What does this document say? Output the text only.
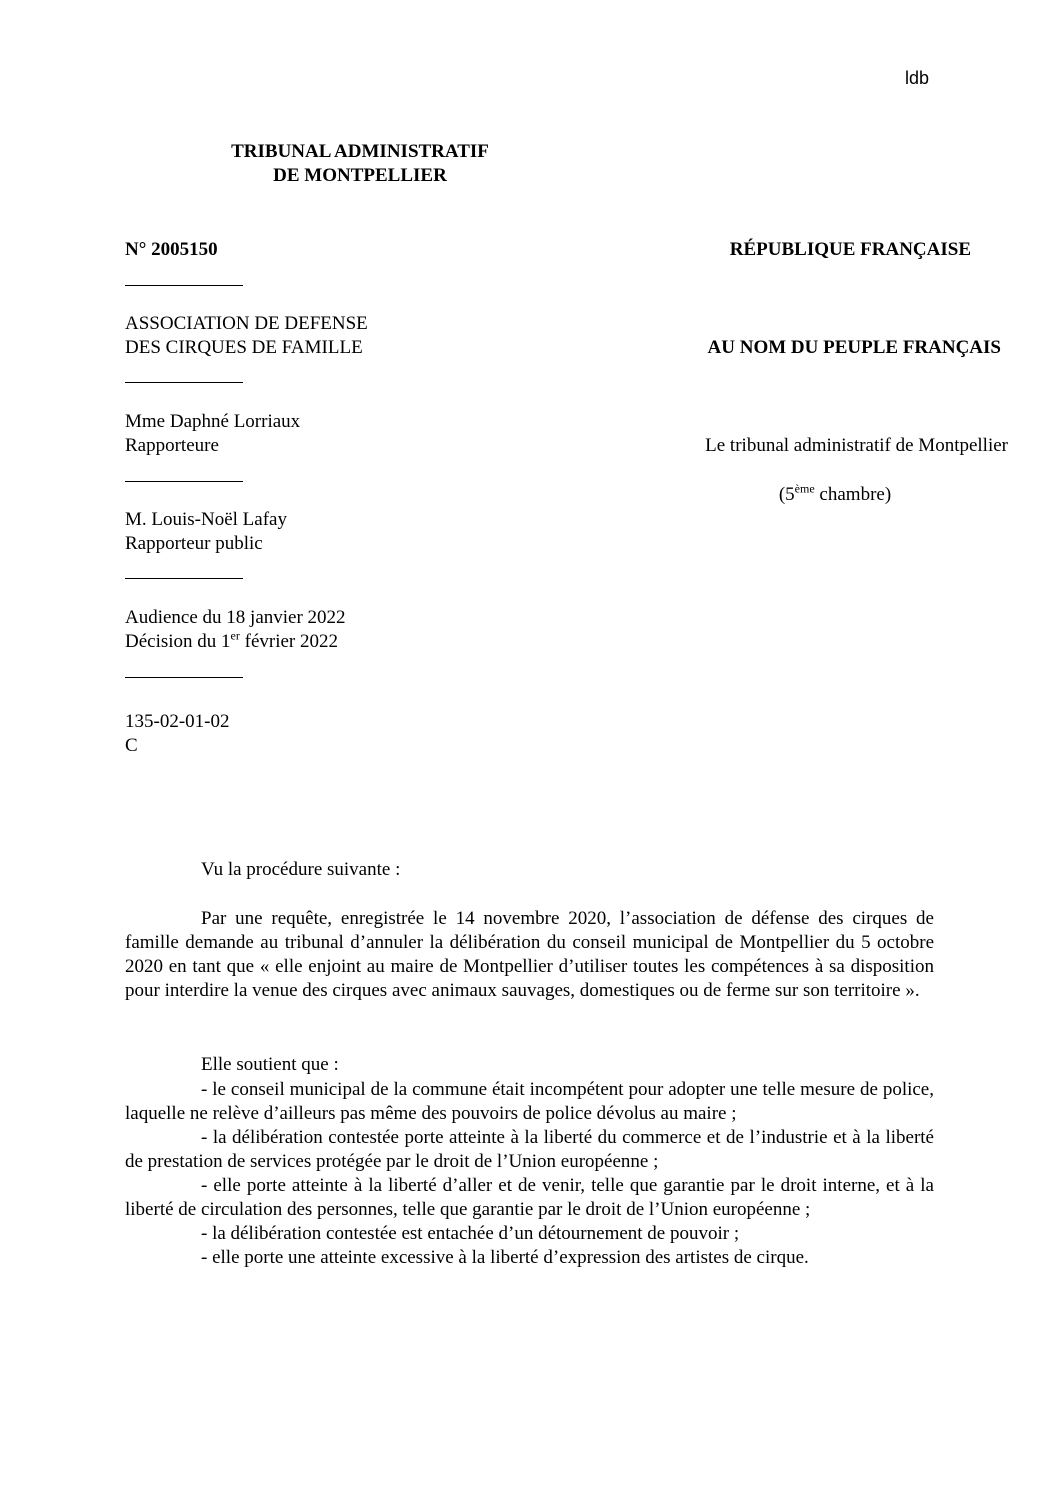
ldb
TRIBUNAL ADMINISTRATIF
DE MONTPELLIER
N° 2005150
ASSOCIATION DE DEFENSE
DES CIRQUES DE FAMILLE
Mme Daphné Lorriaux
Rapporteure
M. Louis-Noël Lafay
Rapporteur public
Audience du 18 janvier 2022
Décision du 1er février 2022
135-02-01-02
C
RÉPUBLIQUE FRANÇAISE
AU NOM DU PEUPLE FRANÇAIS
Le tribunal administratif de Montpellier
(5ème chambre)
Vu la procédure suivante :
Par une requête, enregistrée le 14 novembre 2020, l’association de défense des cirques de famille demande au tribunal d’annuler la délibération du conseil municipal de Montpellier du 5 octobre 2020 en tant que « elle enjoint au maire de Montpellier d’utiliser toutes les compétences à sa disposition pour interdire la venue des cirques avec animaux sauvages, domestiques ou de ferme sur son territoire ».
Elle soutient que :
- le conseil municipal de la commune était incompétent pour adopter une telle mesure de police, laquelle ne relève d’ailleurs pas même des pouvoirs de police dévolus au maire ;
- la délibération contestée porte atteinte à la liberté du commerce et de l’industrie et à la liberté de prestation de services protégée par le droit de l’Union européenne ;
- elle porte atteinte à la liberté d’aller et de venir, telle que garantie par le droit interne, et à la liberté de circulation des personnes, telle que garantie par le droit de l’Union européenne ;
- la délibération contestée est entachée d’un détournement de pouvoir ;
- elle porte une atteinte excessive à la liberté d’expression des artistes de cirque.
